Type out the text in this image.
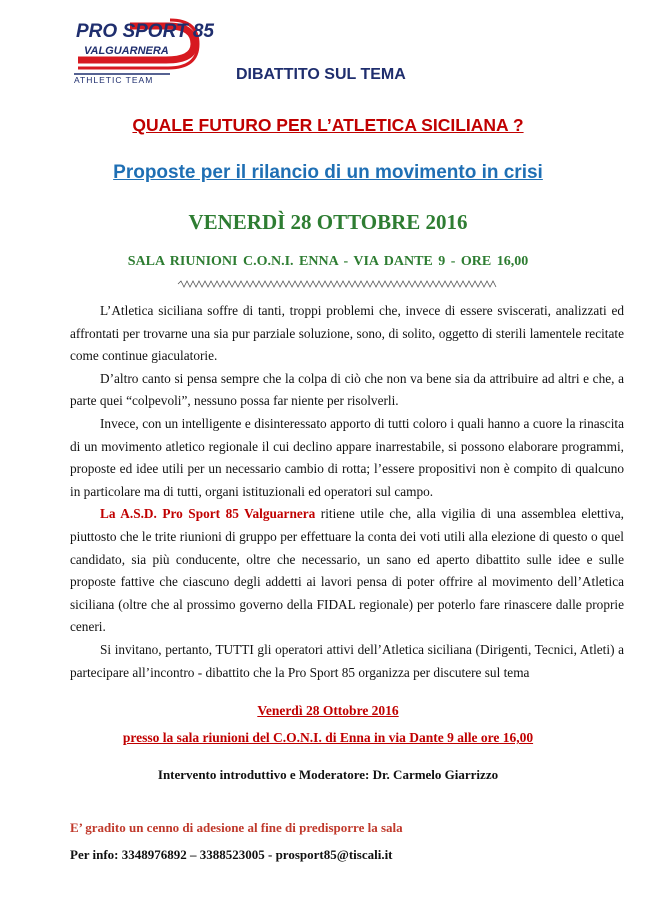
PRO SPORT 85
VALGUARNERA
ATHLETIC TEAM	DIBATTITO SUL TEMA
QUALE FUTURO PER L’ATLETICA SICILIANA ?
Proposte per il rilancio di un movimento in crisi
VENERDÌ 28 OTTOBRE 2016
SALA RIUNIONI C.O.N.I. ENNA - VIA DANTE 9 - ORE 16,00

L’Atletica siciliana soffre di tanti, troppi problemi che, invece di essere sviscerati, analizzati ed affrontati per trovarne una sia pur parziale soluzione, sono, di solito, oggetto di sterili lamentele recitate come continue giaculatorie.

D’altro canto si pensa sempre che la colpa di ciò che non va bene sia da attribuire ad altri e che, a parte quei “colpevoli”, nessuno possa far niente per risolverli.

Invece, con un intelligente e disinteressato apporto di tutti coloro i quali hanno a cuore la rinascita di un movimento atletico regionale il cui declino appare inarrestabile, si possono elaborare programmi, proposte ed idee utili per un necessario cambio di rotta; l’essere propositivi non è compito di qualcuno in particolare ma di tutti, organi istituzionali ed operatori sul campo.

La A.S.D. Pro Sport 85 Valguarnera ritiene utile che, alla vigilia di una assemblea elettiva, piuttosto che le trite riunioni di gruppo per effettuare la conta dei voti utili alla elezione di questo o quel candidato, sia più conducente, oltre che necessario, un sano ed aperto dibattito sulle idee e sulle proposte fattive che ciascuno degli addetti ai lavori pensa di poter offrire al movimento dell’Atletica siciliana (oltre che al prossimo governo della FIDAL regionale) per poterlo fare rinascere dalle proprie ceneri.

Si invitano, pertanto, TUTTI gli operatori attivi dell’Atletica siciliana (Dirigenti, Tecnici, Atleti) a partecipare all’incontro - dibattito che la Pro Sport 85 organizza per discutere sul tema

Venerdì 28 Ottobre 2016
presso la sala riunioni del C.O.N.I. di Enna in via Dante 9 alle ore 16,00
Intervento introduttivo e Moderatore: Dr. Carmelo Giarrizzo
E’ gradito un cenno di adesione al fine di predisporre la sala
Per info: 3348976892 – 3388523005 - prosport85@tiscali.it
